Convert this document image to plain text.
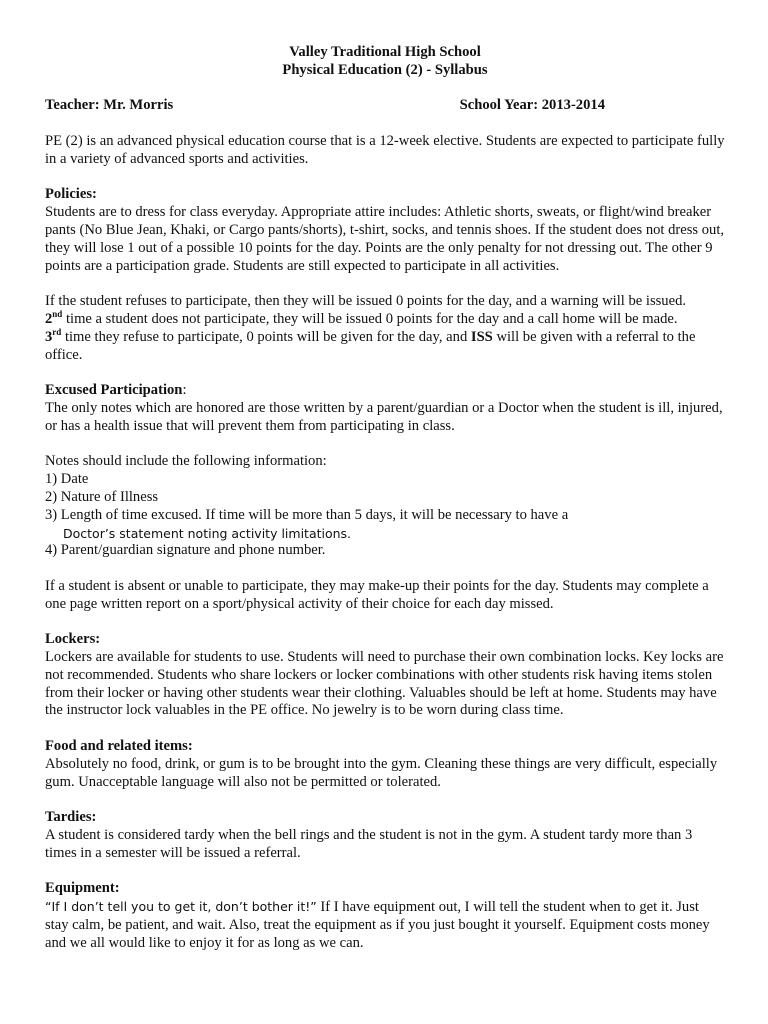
Valley Traditional High School
Physical Education (2) - Syllabus
Teacher: Mr. Morris	School Year: 2013-2014

PE (2) is an advanced physical education course that is a 12-week elective. Students are expected to participate fully in a variety of advanced sports and activities.

Policies:

Students are to dress for class everyday. Appropriate attire includes: Athletic shorts, sweats, or flight/wind breaker pants (No Blue Jean, Khaki, or Cargo pants/shorts), t-shirt, socks, and tennis shoes. If the student does not dress out, they will lose 1 out of a possible 10 points for the day. Points are the only penalty for not dressing out. The other 9 points are a participation grade. Students are still expected to participate in all activities.

If the student refuses to participate, then they will be issued 0 points for the day, and a warning will be issued.

2nd time a student does not participate, they will be issued 0 points for the day and a call home will be made.

3rd time they refuse to participate, 0 points will be given for the day, and ISS will be given with a referral to the office.

Excused Participation:

The only notes which are honored are those written by a parent/guardian or a Doctor when the student is ill, injured, or has a health issue that will prevent them from participating in class.

Notes should include the following information:

1) Date

2) Nature of Illness

3) Length of time excused. If time will be more than 5 days, it will be necessary to have a

Doctor’s statement noting activity limitations.

4) Parent/guardian signature and phone number.

If a student is absent or unable to participate, they may make-up their points for the day. Students may complete a one page written report on a sport/physical activity of their choice for each day missed.

Lockers:

Lockers are available for students to use. Students will need to purchase their own combination locks. Key locks are not recommended. Students who share lockers or locker combinations with other students risk having items stolen from their locker or having other students wear their clothing. Valuables should be left at home. Students may have the instructor lock valuables in the PE office. No jewelry is to be worn during class time.

Food and related items:

Absolutely no food, drink, or gum is to be brought into the gym. Cleaning these things are very difficult, especially gum. Unacceptable language will also not be permitted or tolerated.

Tardies:

A student is considered tardy when the bell rings and the student is not in the gym. A student tardy more than 3 times in a semester will be issued a referral.

Equipment:

“If I don’t tell you to get it, don’t bother it!” If I have equipment out, I will tell the student when to get it. Just stay calm, be patient, and wait. Also, treat the equipment as if you just bought it yourself. Equipment costs money and we all would like to enjoy it for as long as we can.
